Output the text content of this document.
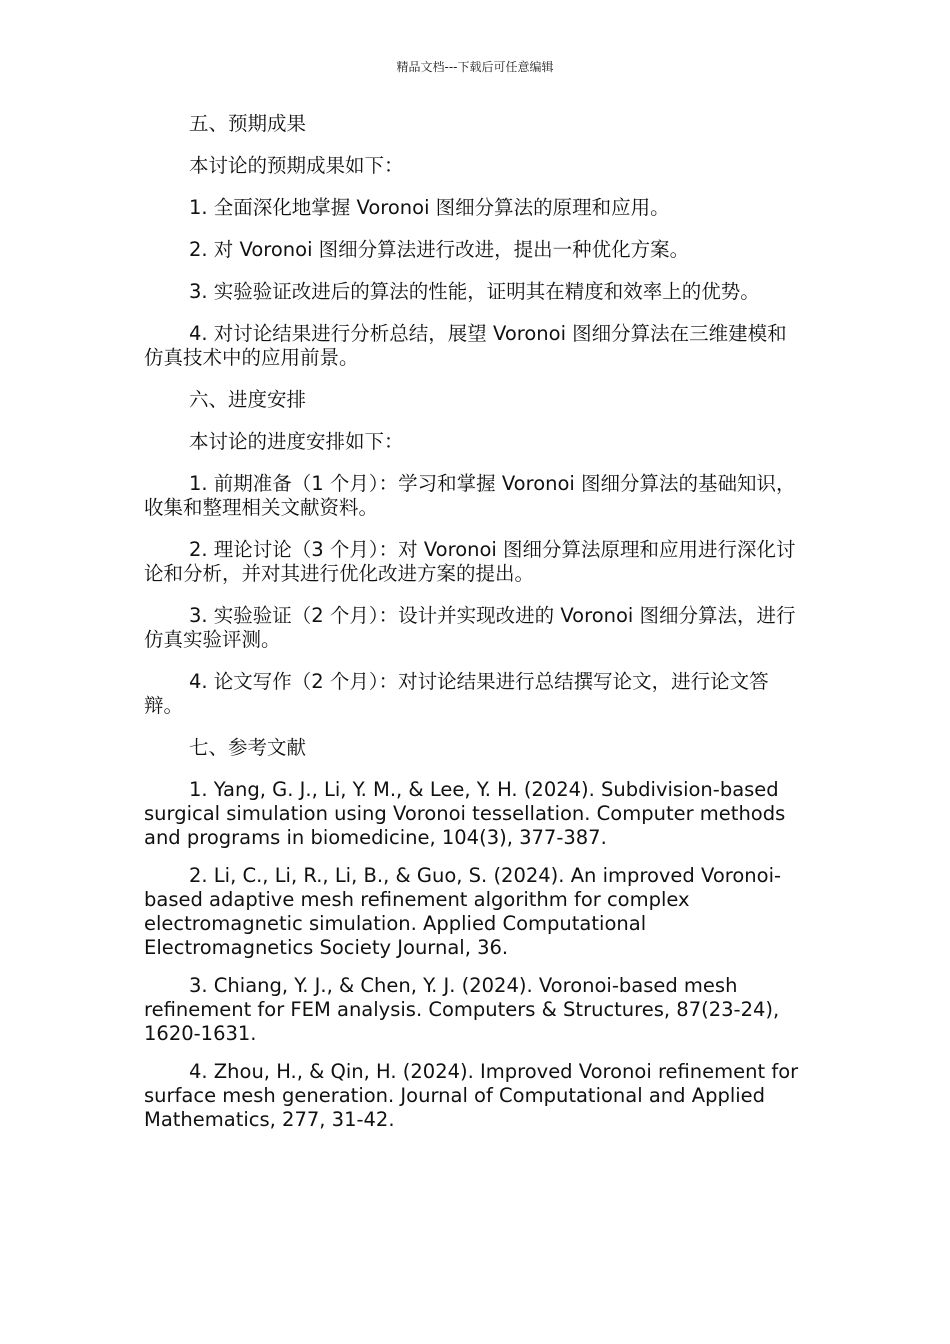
精品文档---下载后可任意编辑

五、预期成果

本讨论的预期成果如下：

1. 全面深化地掌握 Voronoi 图细分算法的原理和应用。

2. 对 Voronoi 图细分算法进行改进，提出一种优化方案。

3. 实验验证改进后的算法的性能，证明其在精度和效率上的优势。

4. 对讨论结果进行分析总结，展望 Voronoi 图细分算法在三维建模和仿真技术中的应用前景。

六、进度安排

本讨论的进度安排如下：

1. 前期准备（1 个月）：学习和掌握 Voronoi 图细分算法的基础知识，收集和整理相关文献资料。

2. 理论讨论（3 个月）：对 Voronoi 图细分算法原理和应用进行深化讨论和分析，并对其进行优化改进方案的提出。

3. 实验验证（2 个月）：设计并实现改进的 Voronoi 图细分算法，进行仿真实验评测。

4. 论文写作（2 个月）：对讨论结果进行总结撰写论文，进行论文答辩。

七、参考文献

1. Yang, G. J., Li, Y. M., & Lee, Y. H. (2024). Subdivision-based surgical simulation using Voronoi tessellation. Computer methods and programs in biomedicine, 104(3), 377-387.

2. Li, C., Li, R., Li, B., & Guo, S. (2024). An improved Voronoi-based adaptive mesh refinement algorithm for complex electromagnetic simulation. Applied Computational Electromagnetics Society Journal, 36.

3. Chiang, Y. J., & Chen, Y. J. (2024). Voronoi-based mesh refinement for FEM analysis. Computers & Structures, 87(23-24), 1620-1631.

4. Zhou, H., & Qin, H. (2024). Improved Voronoi refinement for surface mesh generation. Journal of Computational and Applied Mathematics, 277, 31-42.
